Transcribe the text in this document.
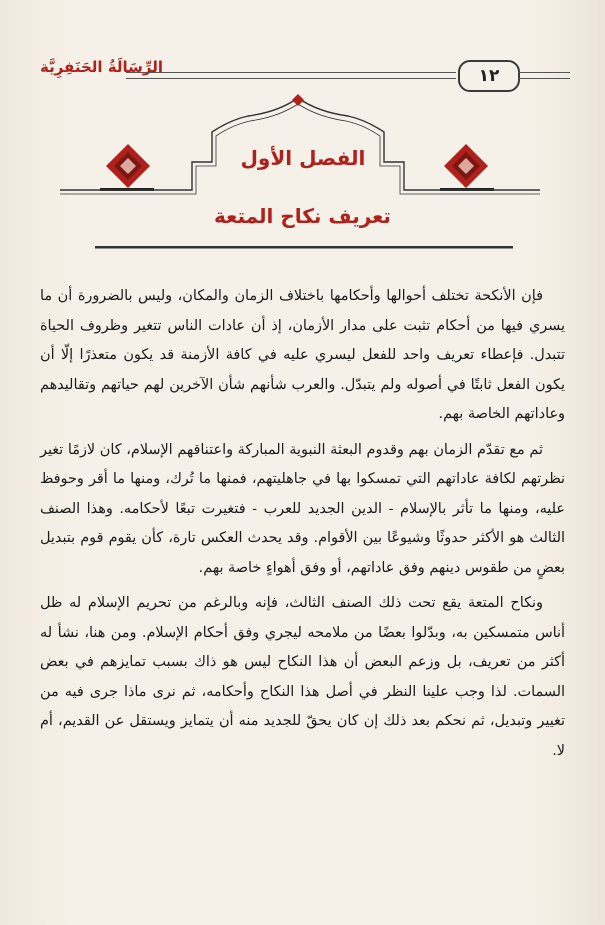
الرِّسَالَةُ الحَنَفِرِيَّة	١٢
الفصل الأول
تعريف نكاح المتعة

فإن الأنكحة تختلف أحوالها وأحكامها باختلاف الزمان والمكان، وليس بالضرورة أن ما يسري فيها من أحكام تثبت على مدار الأزمان، إذ أن عادات الناس تتغير وظروف الحياة تتبدل. فإعطاء تعريف واحد للفعل ليسري عليه في كافة الأزمنة قد يكون متعذرًا إلّا أن يكون الفعل ثابتًا في أصوله ولم يتبدّل. والعرب شأنهم شأن الآخرين لهم حياتهم وتقاليدهم وعاداتهم الخاصة بهم.

ثم مع تقدّم الزمان بهم وقدوم البعثة النبوية المباركة واعتناقهم الإسلام، كان لازمًا تغير نظرتهم لكافة عاداتهم التي تمسكوا بها في جاهليتهم، فمنها ما تُرك، ومنها ما أقر وحوفظ عليه، ومنها ما تأثر بالإسلام - الدين الجديد للعرب - فتغيرت تبعًا لأحكامه. وهذا الصنف الثالث هو الأكثر حدوثًا وشيوعًا بين الأقوام. وقد يحدث العكس تارة، كأن يقوم قوم بتبديل بعضٍ من طقوس دينهم وفق عاداتهم، أو وفق أهواءٍ خاصة بهم.

ونكاح المتعة يقع تحت ذلك الصنف الثالث، فإنه وبالرغم من تحريم الإسلام له ظل أناس متمسكين به، وبدّلوا بعضًا من ملامحه ليجري وفق أحكام الإسلام. ومن هنا، نشأ له أكثر من تعريف، بل وزعم البعض أن هذا النكاح ليس هو ذاك بسبب تمايزهم في بعض السمات. لذا وجب علينا النظر في أصل هذا النكاح وأحكامه، ثم نرى ماذا جرى فيه من تغيير وتبديل، ثم نحكم بعد ذلك إن كان يحقّ للجديد منه أن يتمايز ويستقل عن القديم، أم لا.
